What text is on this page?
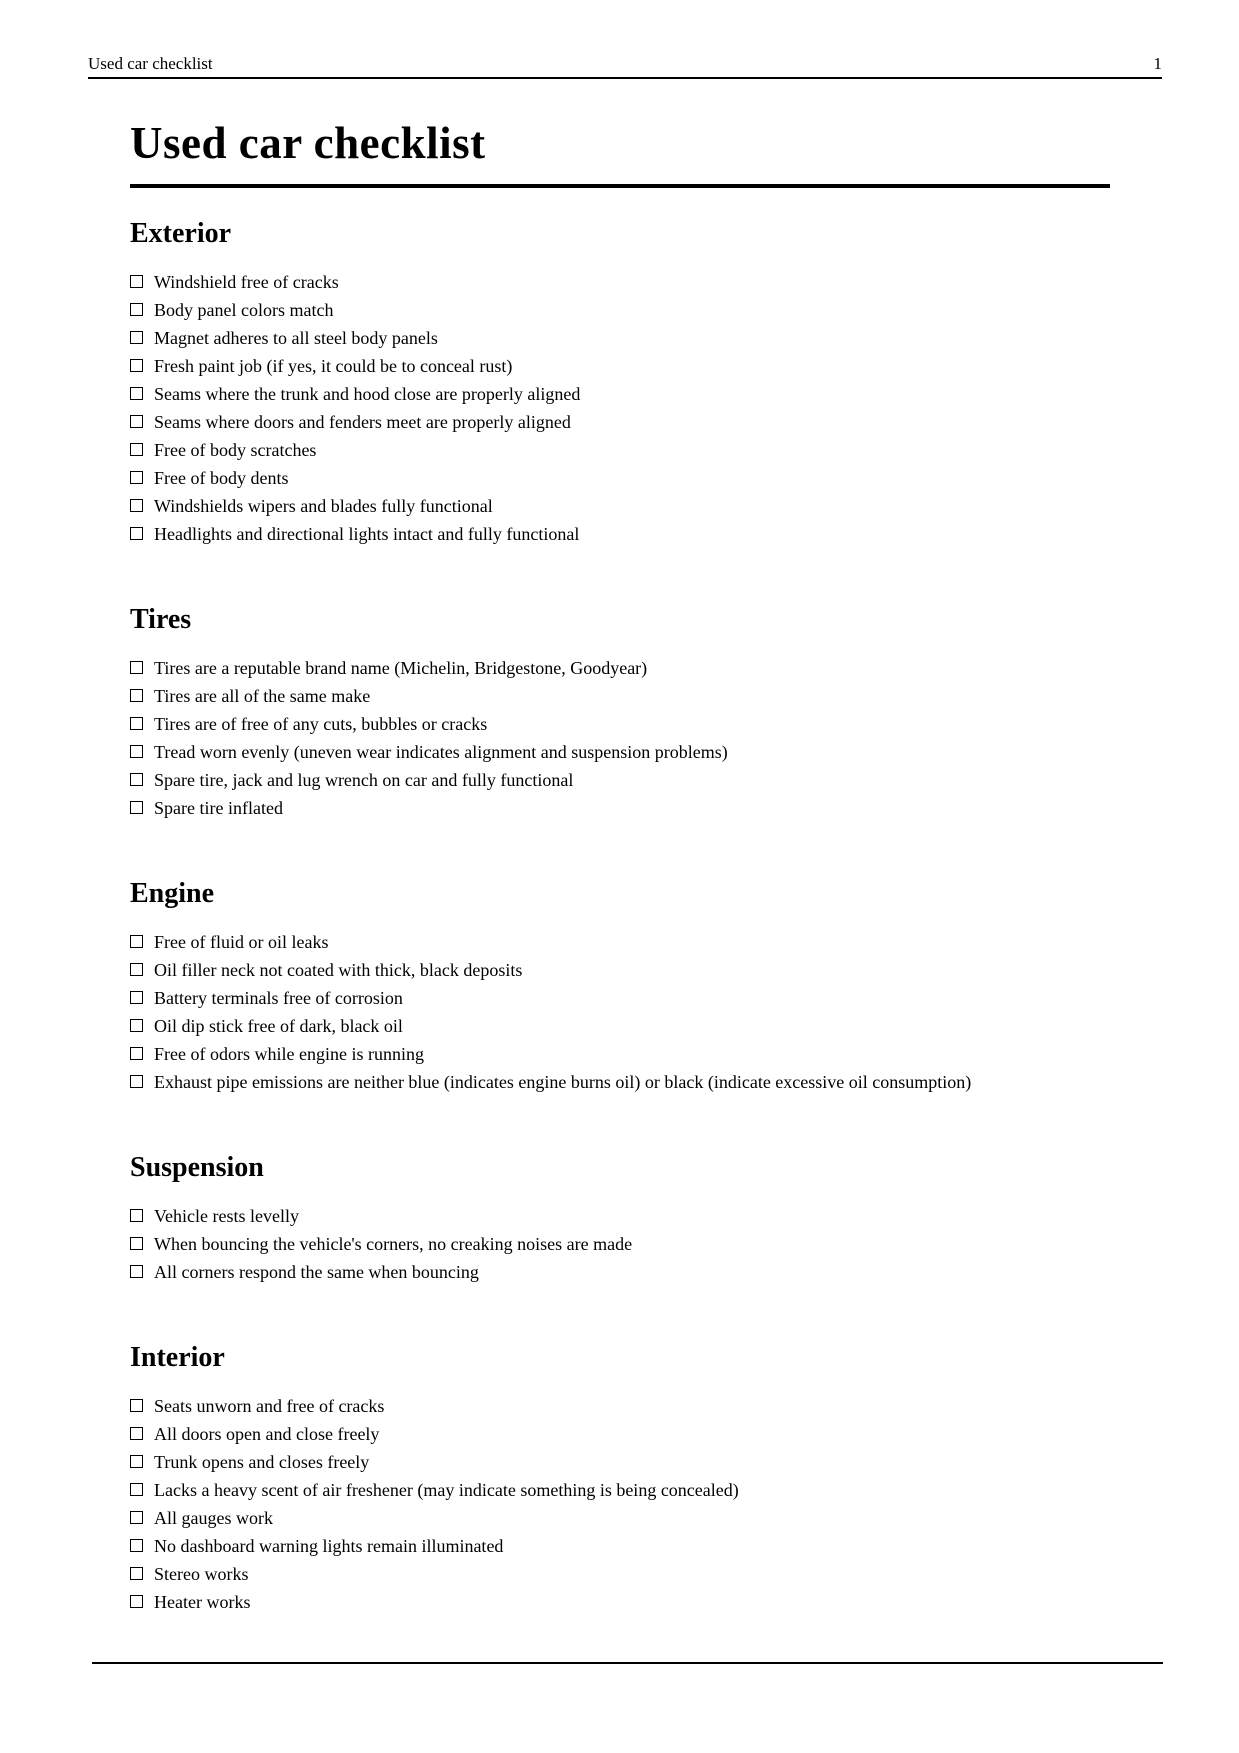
Used car checklist	1
Used car checklist
Exterior
Windshield free of cracks
Body panel colors match
Magnet adheres to all steel body panels
Fresh paint job (if yes, it could be to conceal rust)
Seams where the trunk and hood close are properly aligned
Seams where doors and fenders meet are properly aligned
Free of body scratches
Free of body dents
Windshields wipers and blades fully functional
Headlights and directional lights intact and fully functional
Tires
Tires are a reputable brand name (Michelin, Bridgestone, Goodyear)
Tires are all of the same make
Tires are of free of any cuts, bubbles or cracks
Tread worn evenly (uneven wear indicates alignment and suspension problems)
Spare tire, jack and lug wrench on car and fully functional
Spare tire inflated
Engine
Free of fluid or oil leaks
Oil filler neck not coated with thick, black deposits
Battery terminals free of corrosion
Oil dip stick free of dark, black oil
Free of odors while engine is running
Exhaust pipe emissions are neither blue (indicates engine burns oil) or black (indicate excessive oil consumption)
Suspension
Vehicle rests levelly
When bouncing the vehicle's corners, no creaking noises are made
All corners respond the same when bouncing
Interior
Seats unworn and free of cracks
All doors open and close freely
Trunk opens and closes freely
Lacks a heavy scent of air freshener (may indicate something is being concealed)
All gauges work
No dashboard warning lights remain illuminated
Stereo works
Heater works
